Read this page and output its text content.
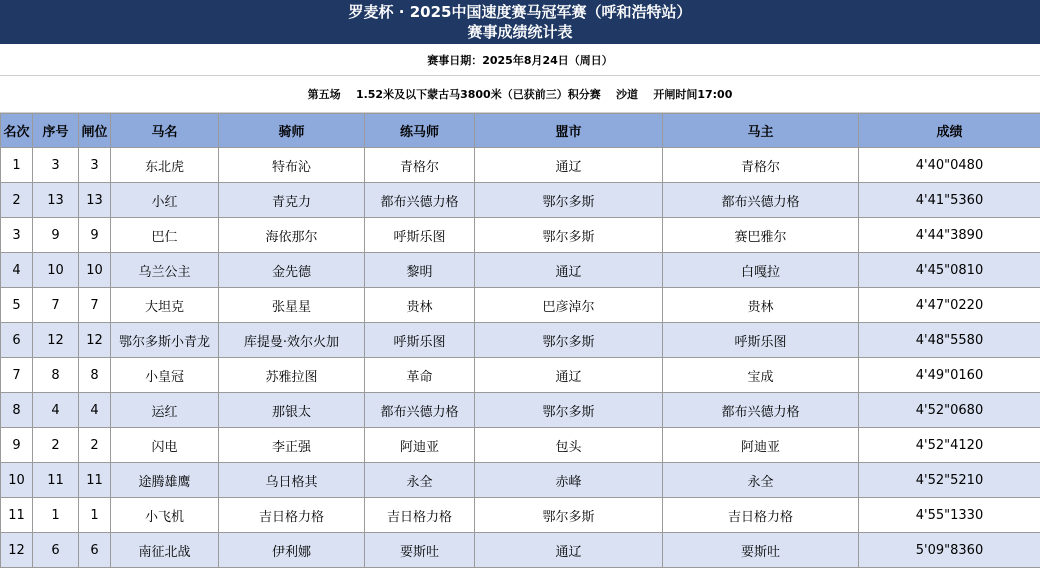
罗麦杯 · 2025中国速度赛马冠军赛（呼和浩特站）
赛事成绩统计表
赛事日期：2025年8月24日（周日）
第五场    1.52米及以下蒙古马3800米（已获前三）积分赛    沙道    开闸时间17:00
名次	序号	闸位	马名	骑师	练马师	盟市	马主	成绩
1	3	3	东北虎	特布沁	青格尔	通辽	青格尔	4'40"0480
2	13	13	小红	青克力	都布兴德力格	鄂尔多斯	都布兴德力格	4'41"5360
3	9	9	巴仁	海依那尔	呼斯乐图	鄂尔多斯	赛巴雅尔	4'44"3890
4	10	10	乌兰公主	金先德	黎明	通辽	白嘎拉	4'45"0810
5	7	7	大坦克	张星星	贵林	巴彦淖尔	贵林	4'47"0220
6	12	12	鄂尔多斯小青龙	库提曼·效尔火加	呼斯乐图	鄂尔多斯	呼斯乐图	4'48"5580
7	8	8	小皇冠	苏雅拉图	革命	通辽	宝成	4'49"0160
8	4	4	运红	那银太	都布兴德力格	鄂尔多斯	都布兴德力格	4'52"0680
9	2	2	闪电	李正强	阿迪亚	包头	阿迪亚	4'52"4120
10	11	11	途腾雄鹰	乌日格其	永全	赤峰	永全	4'52"5210
11	1	1	小飞机	吉日格力格	吉日格力格	鄂尔多斯	吉日格力格	4'55"1330
12	6	6	南征北战	伊利娜	要斯吐	通辽	要斯吐	5'09"8360
